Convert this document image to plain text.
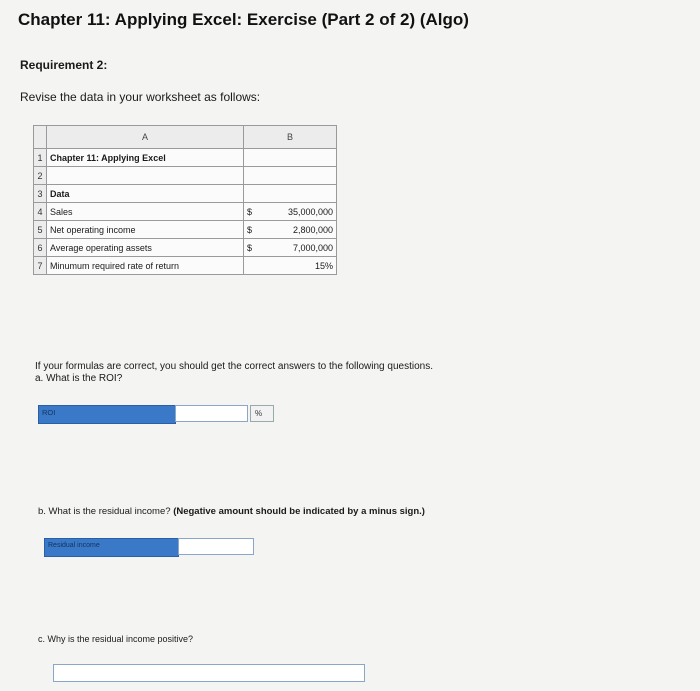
Chapter 11: Applying Excel: Exercise (Part 2 of 2) (Algo)
Requirement 2:
Revise the data in your worksheet as follows:
	A	B
1	Chapter 11: Applying Excel	

2		

3	Data	

4	Sales	$ 35,000,000
5	Net operating income	$ 2,800,000
6	Average operating assets	$ 7,000,000
7	Minumum required rate of return	15%
If your formulas are correct, you should get the correct answers to the following questions.
a. What is the ROI?
ROI	%
b. What is the residual income? (Negative amount should be indicated by a minus sign.)
Residual income
c. Why is the residual income positive?
